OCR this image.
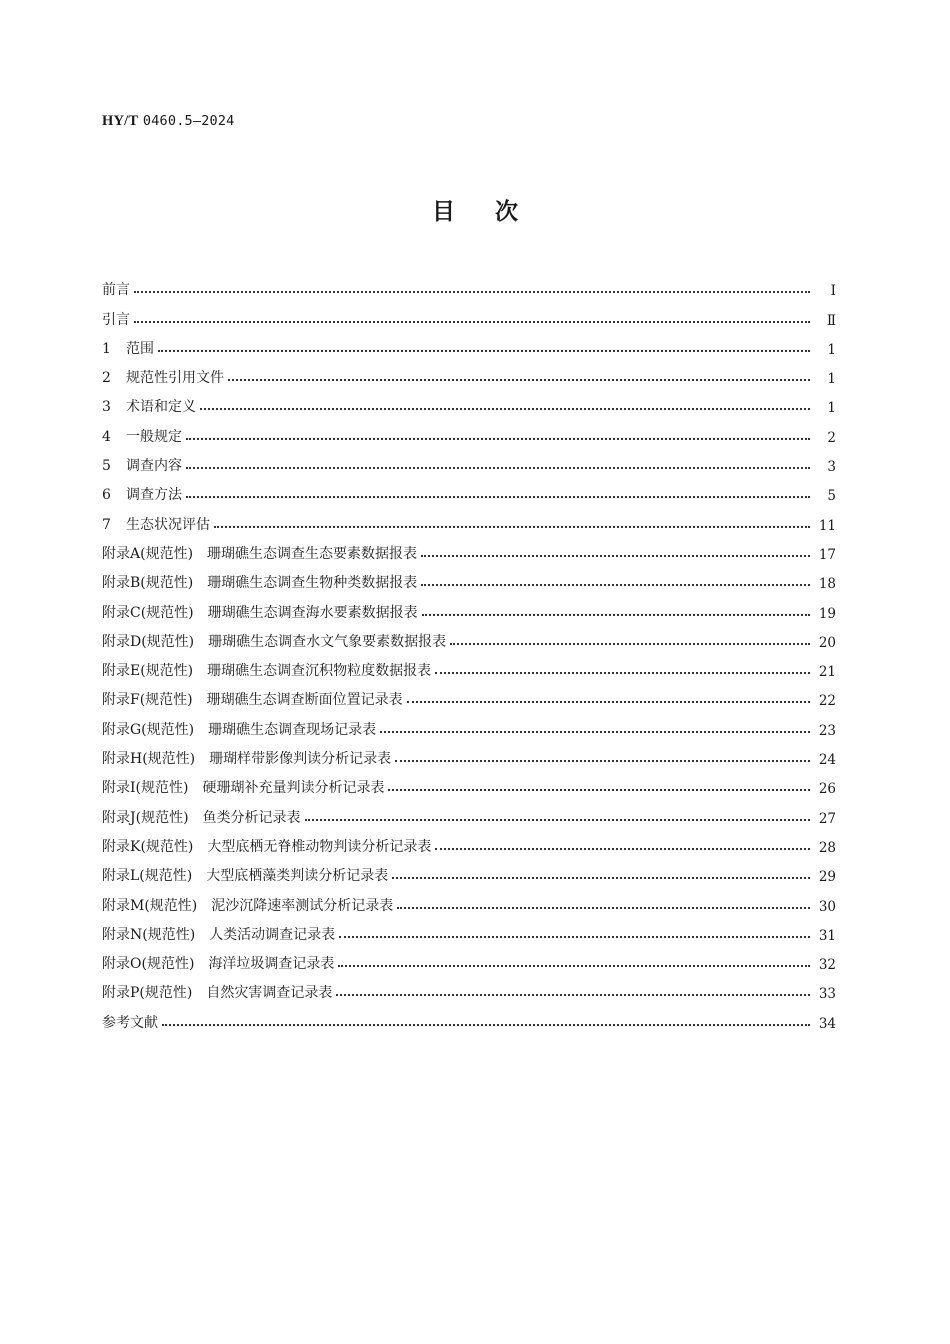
HY/T 0460.5—2024
目次
前言	Ⅰ
引言	Ⅱ
1 范围	1
2 规范性引用文件	1
3 术语和定义	1
4 一般规定	2
5 调查内容	3
6 调查方法	5
7 生态状况评估	11
附录A(规范性) 珊瑚礁生态调查生态要素数据报表	17
附录B(规范性) 珊瑚礁生态调查生物种类数据报表	18
附录C(规范性) 珊瑚礁生态调查海水要素数据报表	19
附录D(规范性) 珊瑚礁生态调查水文气象要素数据报表	20
附录E(规范性) 珊瑚礁生态调查沉积物粒度数据报表	21
附录F(规范性) 珊瑚礁生态调查断面位置记录表	22
附录G(规范性) 珊瑚礁生态调查现场记录表	23
附录H(规范性) 珊瑚样带影像判读分析记录表	24
附录I(规范性) 硬珊瑚补充量判读分析记录表	26
附录J(规范性) 鱼类分析记录表	27
附录K(规范性) 大型底栖无脊椎动物判读分析记录表	28
附录L(规范性) 大型底栖藻类判读分析记录表	29
附录M(规范性) 泥沙沉降速率测试分析记录表	30
附录N(规范性) 人类活动调查记录表	31
附录O(规范性) 海洋垃圾调查记录表	32
附录P(规范性) 自然灾害调查记录表	33
参考文献	34
